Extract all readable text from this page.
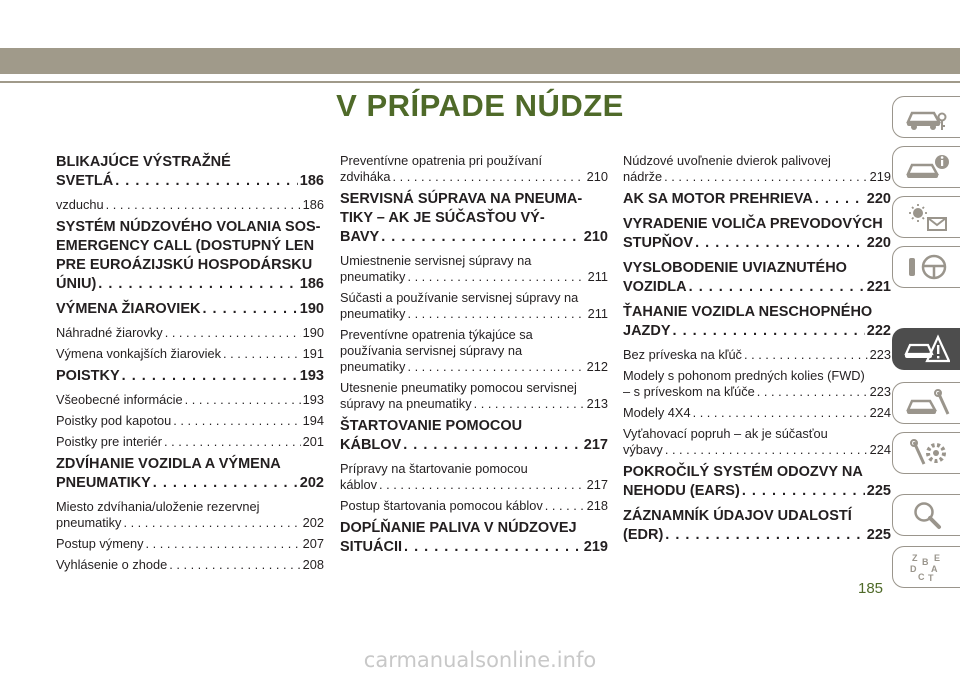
V PRÍPADE NÚDZE
BLIKAJÚCE VÝSTRAŽNÉ
SVETLÁ . . .	186
vzduchu . . .	186
SYSTÉM NÚDZOVÉHO VOLANIA SOS-
EMERGENCY CALL (DOSTUPNÝ LEN
PRE EUROÁZIJSKÚ HOSPODÁRSKU
ÚNIU) . . .	186
VÝMENA ŽIAROVIEK . . .	190
Náhradné žiarovky . . .	190
Výmena vonkajších žiaroviek . . .	191
POISTKY . . .	193
Všeobecné informácie . . .	193
Poistky pod kapotou . . .	194
Poistky pre interiér . . .	201
ZDVÍHANIE VOZIDLA A VÝMENA
PNEUMATIKY . . .	202
Miesto zdvíhania/uloženie rezervnej
pneumatiky . . .	202
Postup výmeny . . .	207
Vyhlásenie o zhode . . .	208
Preventívne opatrenia pri používaní
zdviháka . . .	210
SERVISNÁ SÚPRAVA NA PNEUMA-
TIKY – AK JE SÚČASŤOU VÝ-
BAVY . . .	210
Umiestnenie servisnej súpravy na
pneumatiky . . .	211
Súčasti a používanie servisnej súpravy na
pneumatiky . . .	211
Preventívne opatrenia týkajúce sa
používania servisnej súpravy na
pneumatiky . . .	212
Utesnenie pneumatiky pomocou servisnej
súpravy na pneumatiky . . .	213
ŠTARTOVANIE POMOCOU
KÁBLOV . . .	217
Prípravy na štartovanie pomocou
káblov . . .	217
Postup štartovania pomocou káblov . . .	218
DOPĹŇANIE PALIVA V NÚDZOVEJ
SITUÁCII . . .	219
Núdzové uvoľnenie dvierok palivovej
nádrže . . .	219
AK SA MOTOR PREHRIEVA . . .	220
VYRADENIE VOLIČA PREVODOVÝCH
STUPŇOV . . .	220
VYSLOBODENIE UVIAZNUTÉHO
VOZIDLA . . .	221
ŤAHANIE VOZIDLA NESCHOPNÉHO
JAZDY . . .	222
Bez príveska na kľúč . . .	223
Modely s pohonom predných kolies (FWD)
– s príveskom na kľúče . . .	223
Modely 4X4 . . .	224
Vyťahovací popruh – ak je súčasťou
výbavy . . .	224
POKROČILÝ SYSTÉM ODOZVY NA
NEHODU (EARS) . . .	225
ZÁZNAMNÍK ÚDAJOV UDALOSTÍ
(EDR) . . .	225
Z B E
D A
C T
185
carmanualsonline.info
